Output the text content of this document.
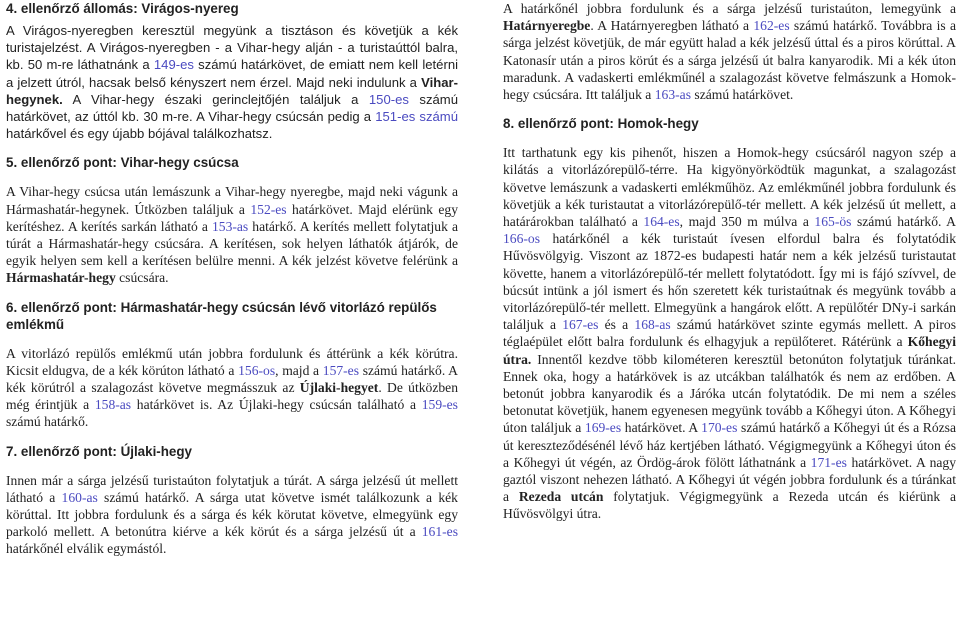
4. ellenőrző állomás: Virágos-nyereg

A Virágos-nyeregben keresztül megyünk a tisztáson és követjük a kék turistajelzést. A Virágos-nyeregben - a Vihar-hegy alján - a turistaúttól balra, kb. 50 m-re láthatnánk a 149-es számú határkövet, de emiatt nem kell letérni a jelzett útról, hacsak belső kényszert nem érzel. Majd neki indulunk a Vihar-hegynek. A Vihar-hegy északi gerinclejtőjén találjuk a 150-es számú határkövet, az úttól kb. 30 m-re. A Vihar-hegy csúcsán pedig a 151-es számú határkővel és egy újabb bójával találkozhatsz.

5. ellenőrző pont: Vihar-hegy csúcsa

A Vihar-hegy csúcsa után lemászunk a Vihar-hegy nyeregbe, majd neki vágunk a Hármashatár-hegynek. Útközben találjuk a 152-es határkövet. Majd elérünk egy kerítéshez. A kerítés sarkán látható a 153-as határkő. A kerítés mellett folytatjuk a túrát a Hármashatár-hegy csúcsára. A kerítésen, sok helyen láthatók átjárók, de egyik helyen sem kell a kerítésen belülre menni. A kék jelzést követve felérünk a Hármashatár-hegy csúcsára.

6. ellenőrző pont: Hármashatár-hegy csúcsán lévő vitorlázó repülős emlékmű

A vitorlázó repülős emlékmű után jobbra fordulunk és áttérünk a kék körútra. Kicsit eldugva, de a kék körúton látható a 156-os, majd a 157-es számú határkő. A kék körútról a szalagozást követve megmásszuk az Újlaki-hegyet. De útközben még érintjük a 158-as határkövet is. Az Újlaki-hegy csúcsán található a 159-es számú határkő.

7. ellenőrző pont: Újlaki-hegy

Innen már a sárga jelzésű turistaúton folytatjuk a túrát. A sárga jelzésű út mellett látható a 160-as számú határkő. A sárga utat követve ismét találkozunk a kék körúttal. Itt jobbra fordulunk és a sárga és kék körutat követve, elmegyünk egy parkoló mellett. A betonútra kiérve a kék körút és a sárga jelzésű út a 161-es határkőnél elválik egymástól.

A határkőnél jobbra fordulunk és a sárga jelzésű turistaúton, lemegyünk a Határnyeregbe. A Határnyeregben látható a 162-es számú határkő. Továbbra is a sárga jelzést követjük, de már együtt halad a kék jelzésű úttal és a piros körúttal. A Katonasír után a piros körút és a sárga jelzésű út balra kanyarodik. Mi a kék úton maradunk. A vadaskerti emlékműnél a szalagozást követve felmászunk a Homok-hegy csúcsára. Itt találjuk a 163-as számú határkövet.

8. ellenőrző pont: Homok-hegy

Itt tarthatunk egy kis pihenőt, hiszen a Homok-hegy csúcsáról nagyon szép a kilátás a vitorlázórepülő-térre. Ha kigyönyörködtük magunkat, a szalagozást követve lemászunk a vadaskerti emlékműhöz. Az emlékműnél jobbra fordulunk és követjük a kék turistautat a vitorlázórepülő-tér mellett. A kék jelzésű út mellett, a határárokban található a 164-es, majd 350 m múlva a 165-ös számú határkő. A 166-os határkőnél a kék turistaút ívesen elfordul balra és folytatódik Hűvösvölgyig. Viszont az 1872-es budapesti határ nem a kék jelzésű turistautat követte, hanem a vitorlázórepülő-tér mellett folytatódott. Így mi is fájó szívvel, de búcsút intünk a jól ismert és hőn szeretett kék turistaútnak és megyünk tovább a vitorlázórepülő-tér mellett. Elmegyünk a hangárok előtt. A repülőtér DNy-i sarkán találjuk a 167-es és a 168-as számú határkövet szinte egymás mellett. A piros téglaépület előtt balra fordulunk és elhagyjuk a repülőteret. Rátérünk a Kőhegyi útra. Innentől kezdve több kilométeren keresztül betonúton folytatjuk túránkat. Ennek oka, hogy a határkövek is az utcákban találhatók és nem az erdőben. A betonút jobbra kanyarodik és a Járóka utcán folytatódik. De mi nem a széles betonutat követjük, hanem egyenesen megyünk tovább a Kőhegyi úton. A Kőhegyi úton találjuk a 169-es határkövet. A 170-es számú határkő a Kőhegyi út és a Rózsa út kereszteződésénél lévő ház kertjében látható. Végigmegyünk a Kőhegyi úton és a Kőhegyi út végén, az Ördög-árok fölött láthatnánk a 171-es határkövet. A nagy gaztól viszont nehezen látható. A Kőhegyi út végén jobbra fordulunk és a túránkat a Rezeda utcán folytatjuk. Végigmegyünk a Rezeda utcán és kiérünk a Hűvösvölgyi útra.
